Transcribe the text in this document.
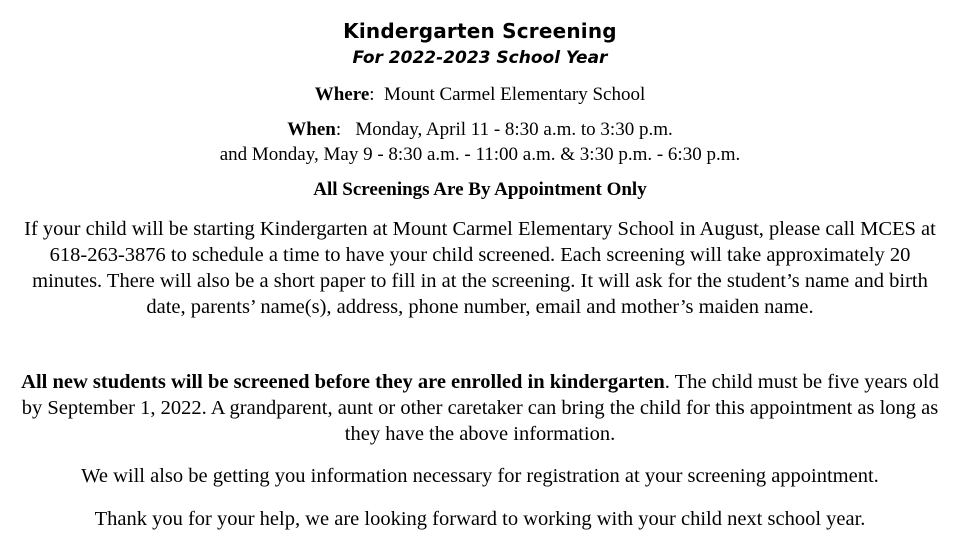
Kindergarten Screening
For 2022-2023 School Year
Where:  Mount Carmel Elementary School
When:   Monday, April 11 - 8:30 a.m. to 3:30 p.m.
and Monday, May 9 - 8:30 a.m. - 11:00 a.m. & 3:30 p.m. - 6:30 p.m.
All Screenings Are By Appointment Only
If your child will be starting Kindergarten at Mount Carmel Elementary School in August, please call MCES at 618-263-3876 to schedule a time to have your child screened. Each screening will take approximately 20 minutes. There will also be a short paper to fill in at the screening. It will ask for the student’s name and birth date, parents’ name(s), address, phone number, email and mother’s maiden name.
All new students will be screened before they are enrolled in kindergarten. The child must be five years old by September 1, 2022. A grandparent, aunt or other caretaker can bring the child for this appointment as long as they have the above information.
We will also be getting you information necessary for registration at your screening appointment.
Thank you for your help, we are looking forward to working with your child next school year.
